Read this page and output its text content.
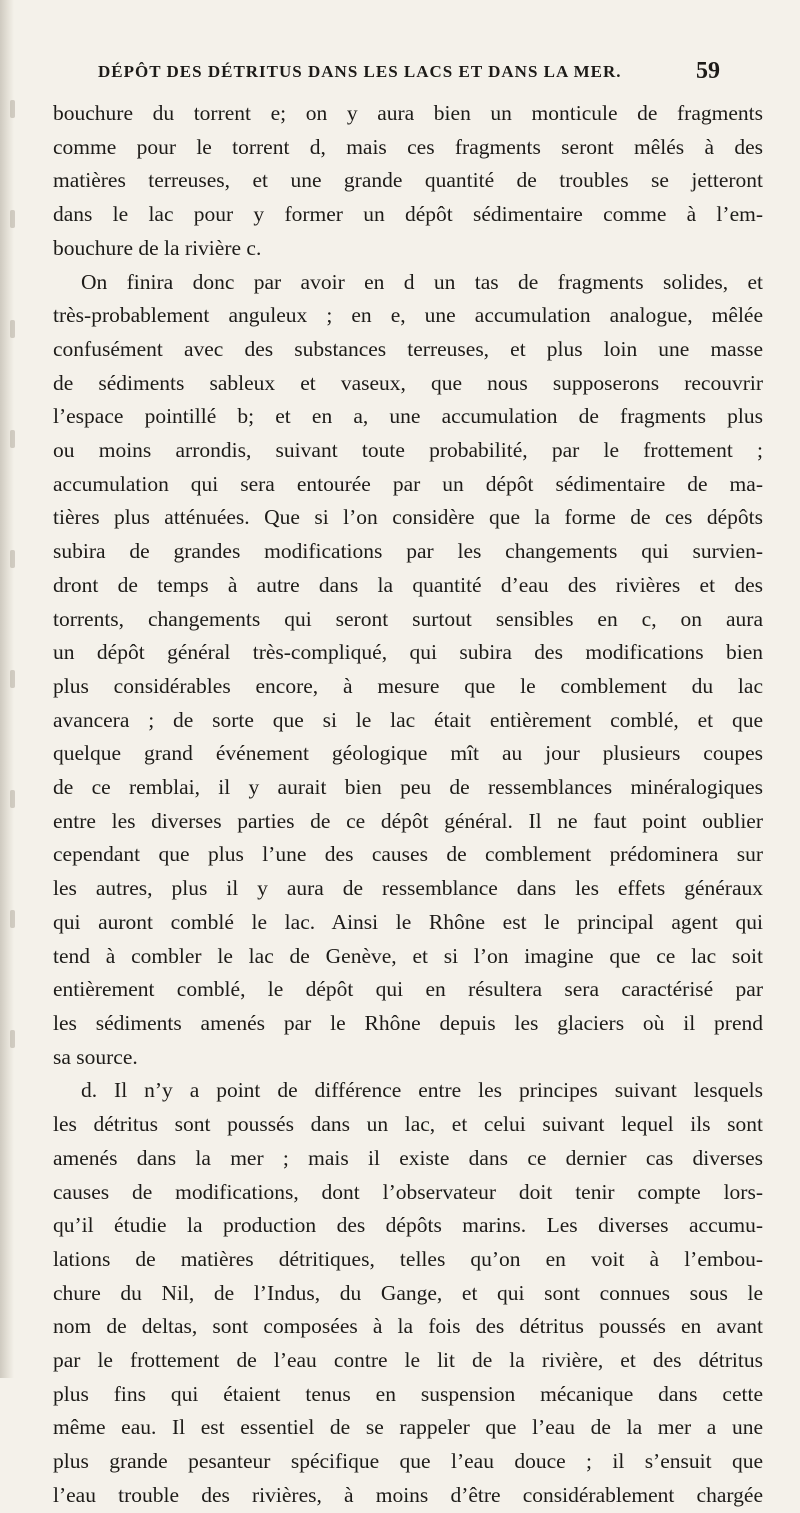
DÉPÔT DES DÉTRITUS DANS LES LACS ET DANS LA MER.	59
bouchure du torrent e; on y aura bien un monticule de fragments
comme pour le torrent d, mais ces fragments seront mêlés à des
matières terreuses, et une grande quantité de troubles se jetteront
dans le lac pour y former un dépôt sédimentaire comme à l’em-
bouchure de la rivière c.
On finira donc par avoir en d un tas de fragments solides, et
très-probablement anguleux ; en e, une accumulation analogue, mêlée
confusément avec des substances terreuses, et plus loin une masse
de sédiments sableux et vaseux, que nous supposerons recouvrir
l’espace pointillé b; et en a, une accumulation de fragments plus
ou moins arrondis, suivant toute probabilité, par le frottement ;
accumulation qui sera entourée par un dépôt sédimentaire de ma-
tières plus atténuées. Que si l’on considère que la forme de ces dépôts
subira de grandes modifications par les changements qui survien-
dront de temps à autre dans la quantité d’eau des rivières et des
torrents, changements qui seront surtout sensibles en c, on aura
un dépôt général très-compliqué, qui subira des modifications bien
plus considérables encore, à mesure que le comblement du lac
avancera ; de sorte que si le lac était entièrement comblé, et que
quelque grand événement géologique mît au jour plusieurs coupes
de ce remblai, il y aurait bien peu de ressemblances minéralogiques
entre les diverses parties de ce dépôt général. Il ne faut point oublier
cependant que plus l’une des causes de comblement prédominera sur
les autres, plus il y aura de ressemblance dans les effets généraux
qui auront comblé le lac. Ainsi le Rhône est le principal agent qui
tend à combler le lac de Genève, et si l’on imagine que ce lac soit
entièrement comblé, le dépôt qui en résultera sera caractérisé par
les sédiments amenés par le Rhône depuis les glaciers où il prend
sa source.
d. Il n’y a point de différence entre les principes suivant lesquels
les détritus sont poussés dans un lac, et celui suivant lequel ils sont
amenés dans la mer ; mais il existe dans ce dernier cas diverses
causes de modifications, dont l’observateur doit tenir compte lors-
qu’il étudie la production des dépôts marins. Les diverses accumu-
lations de matières détritiques, telles qu’on en voit à l’embou-
chure du Nil, de l’Indus, du Gange, et qui sont connues sous le
nom de deltas, sont composées à la fois des détritus poussés en avant
par le frottement de l’eau contre le lit de la rivière, et des détritus
plus fins qui étaient tenus en suspension mécanique dans cette
même eau. Il est essentiel de se rappeler que l’eau de la mer a une
plus grande pesanteur spécifique que l’eau douce ; il s’ensuit que
l’eau trouble des rivières, à moins d’être considérablement chargée
